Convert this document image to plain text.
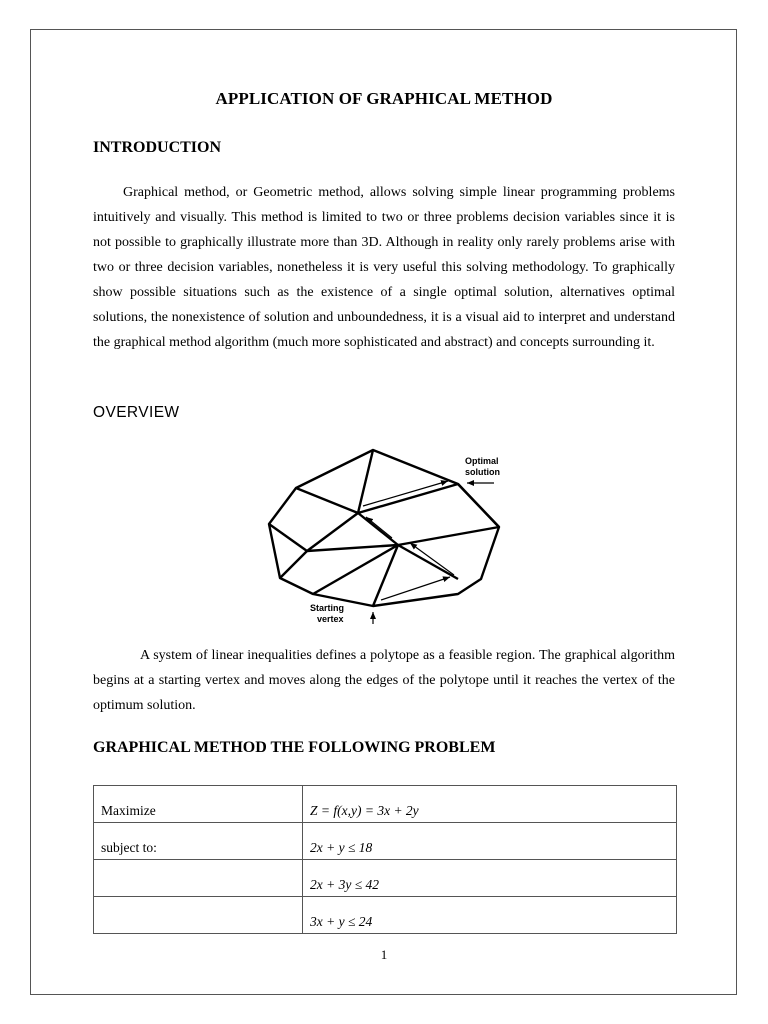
APPLICATION OF GRAPHICAL METHOD
INTRODUCTION

Graphical method, or Geometric method, allows solving simple linear programming problems intuitively and visually. This method is limited to two or three problems decision variables since it is not possible to graphically illustrate more than 3D. Although in reality only rarely problems arise with two or three decision variables, nonetheless it is very useful this solving methodology. To graphically show possible situations such as the existence of a single optimal solution, alternatives optimal solutions, the nonexistence of solution and unboundedness, it is a visual aid to interpret and understand the graphical method algorithm (much more sophisticated and abstract) and concepts surrounding it.

OVERVIEW
Optimal
solution
Starting
vertex

A system of linear inequalities defines a polytope as a feasible region. The graphical algorithm begins at a starting vertex and moves along the edges of the polytope until it reaches the vertex of the optimum solution.

GRAPHICAL METHOD THE FOLLOWING PROBLEM
Maximize	Z = f(x,y) = 3x + 2y
subject to:	2x + y ≤ 18
	2x + 3y ≤ 42
	3x + y ≤ 24
1
